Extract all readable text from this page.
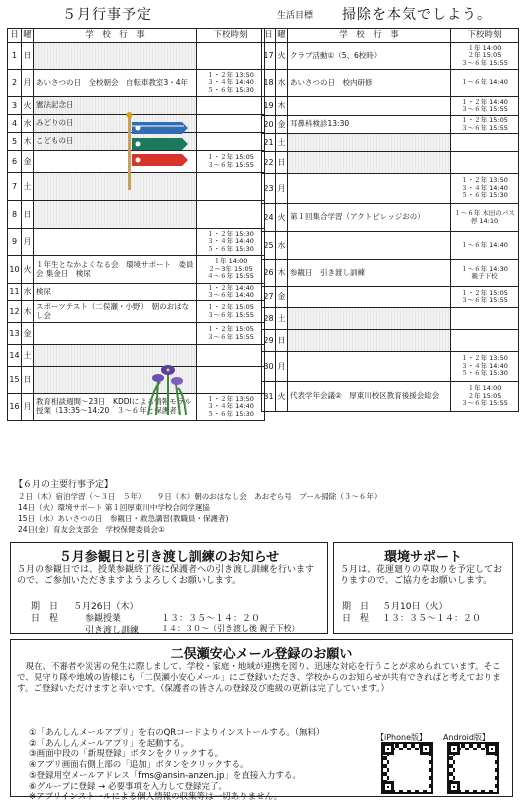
５月行事予定	生活目標 掃除を本気でしよう。
日	曜	学　校　行　事	下校時刻
1	日		
2	月	あいさつの日　全校朝会　自転車教室3・4年	１・２年 13:50
３・４年 14:40
５・６年 15:30
3	火	憲法記念日	
4	水	みどりの日	
5	木	こどもの日	
6	金		１・２年 15:05
３〜６年 15:55
7	土		
8	日		
9	月		１・２年 15:30
３・４年 14:40
５・６年 15:30
10	火	１年生となかよくなる会　環境サポート　委員会 集金日　検尿	１年 14:00
２〜3年 15:05
４〜６年 15:55
11	水	検尿	１・２年 14:40
３〜６年 14:40
12	木	スポーツテスト（二俣瀬・小野）　朝のおはなし会	１・２年 15:05
３〜６年 15:55
13	金		１・２年 15:05
３〜６年 15:55
14	土		
15	日		
16	月	教育相談週間〜23日　KDDIによる情報モラル授業（13:35〜14:20　３〜６年と保護者）	１・２年 13:50
３・４年 14:40
５・６年 15:30
日	曜	学　校　行　事	下校時刻
17	火	クラブ活動①（5、6校時）	１年 14:00
２年 15:05
３〜６年 15:55
18	水	あいさつの日　校内研修	１〜６年 14:40
19	木		１・２年 14:40
３〜６年 15:55
20	金	耳鼻科検診13:30	１・２年 15:05
３〜６年 15:55
21	土		
22	日		
23	月		１・２年 13:50
３・４年 14:40
５・６年 15:30
24	火	第１回集合学習（アクトビレッジおの）	１〜６年 木田のバス停 14:10
25	水		１〜６年 14:40
26	木	参観日　引き渡し訓練	１〜６年 14:30
親子下校
27	金		１・２年 15:05
３〜６年 15:55
28	土		
29	日		
30	月		１・２年 13:50
３・４年 14:40
５・６年 15:30
31	火	代表学年会議②　厚東川校区教育後援会総会	１年 14:00
２年 15:05
３〜６年 15:55
【６月の主要行事予定】
２日（木）宿泊学習（〜３日　５年）　　９日（木）朝のおはなし会　あおぞら号　プール掃除（３〜６年）
14日（火）環境サポート 第１回厚東川中学校合同学運協
15日（水）あいさつの日　参観日・救急講習(教職員・保護者)
24日(金）育友会支部会　学校保健委員会①
５月参観日と引き渡し訓練のお知らせ
５月の参観日では、授業参観終了後に保護者への引き渡し訓練を行いますので、ご参加いただきますようよろしくお願いします。
期　日 ５月26日（木）
日　程	参観授業	１３：３５〜１４：２０
引き渡し訓練	１４：３０〜（引き渡し後 親子下校）
環境サポート
５月は、花運廻りの草取りを予定しておりますので、ご協力をお願いします。
期　日 ５月10日（火）
日　程 １３：３５〜１４：２０
二俣瀬安心メール登録のお願い
現在、不審者や災害の発生に際しまして、学校・家庭・地域が連携を図り、迅速な対応を行うことが求められています。そこで、見守り隊や地域の皆様にも「二俣瀬小安心メール」にご登録いただき、学校からのお知らせが共有できればと考えております。ご登録いただけますと幸いです。（保護者の皆さんの登録及び進級の更新は完了しています。）
①「あんしんメールアプリ」を右のQRコードよりインストールする。（無料）
②「あんしんメールアプリ」を起動する。
③画面中段の「新規登録」ボタンをクリックする。
④アプリ画面右側上部の「追加」ボタンをクリックする。
⑤登録用空メールアドレス「fms@ansin-anzen.jp」を直接入力する。
⑥グループに登録 → 必要事項を入力して登録完了。
※アプリインストールによる個人情報の収集等は一切ありません。
【iPhone版】 Android版】
